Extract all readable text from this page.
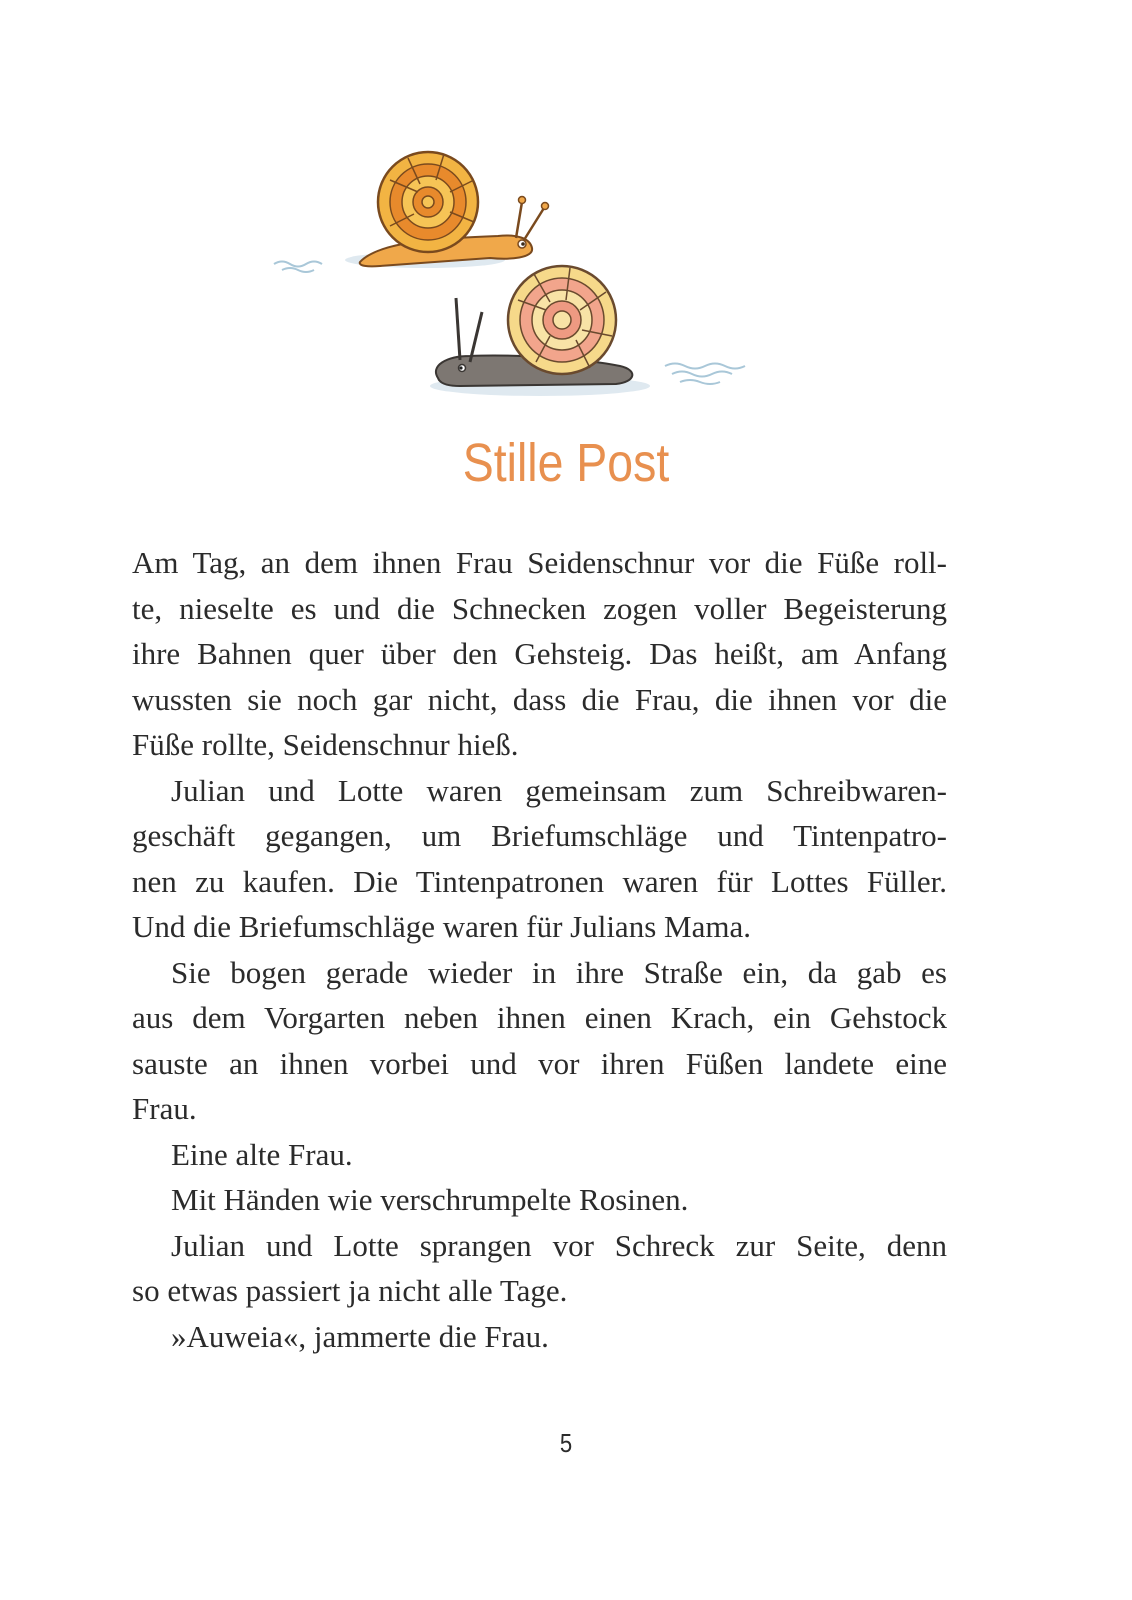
Stille Post

Am Tag, an dem ihnen Frau Seidenschnur vor die Füße roll-
te, nieselte es und die Schnecken zogen voller Begeisterung
ihre Bahnen quer über den Gehsteig. Das heißt, am Anfang
wussten sie noch gar nicht, dass die Frau, die ihnen vor die
Füße rollte, Seidenschnur hieß.

Julian und Lotte waren gemeinsam zum Schreibwaren-
geschäft gegangen, um Briefumschläge und Tintenpatro-
nen zu kaufen. Die Tintenpatronen waren für Lottes Füller.
Und die Briefumschläge waren für Julians Mama.

Sie bogen gerade wieder in ihre Straße ein, da gab es
aus dem Vorgarten neben ihnen einen Krach, ein Gehstock
sauste an ihnen vorbei und vor ihren Füßen landete eine
Frau.

Eine alte Frau.

Mit Händen wie verschrumpelte Rosinen.

Julian und Lotte sprangen vor Schreck zur Seite, denn
so etwas passiert ja nicht alle Tage.

»Auweia«, jammerte die Frau.

5
